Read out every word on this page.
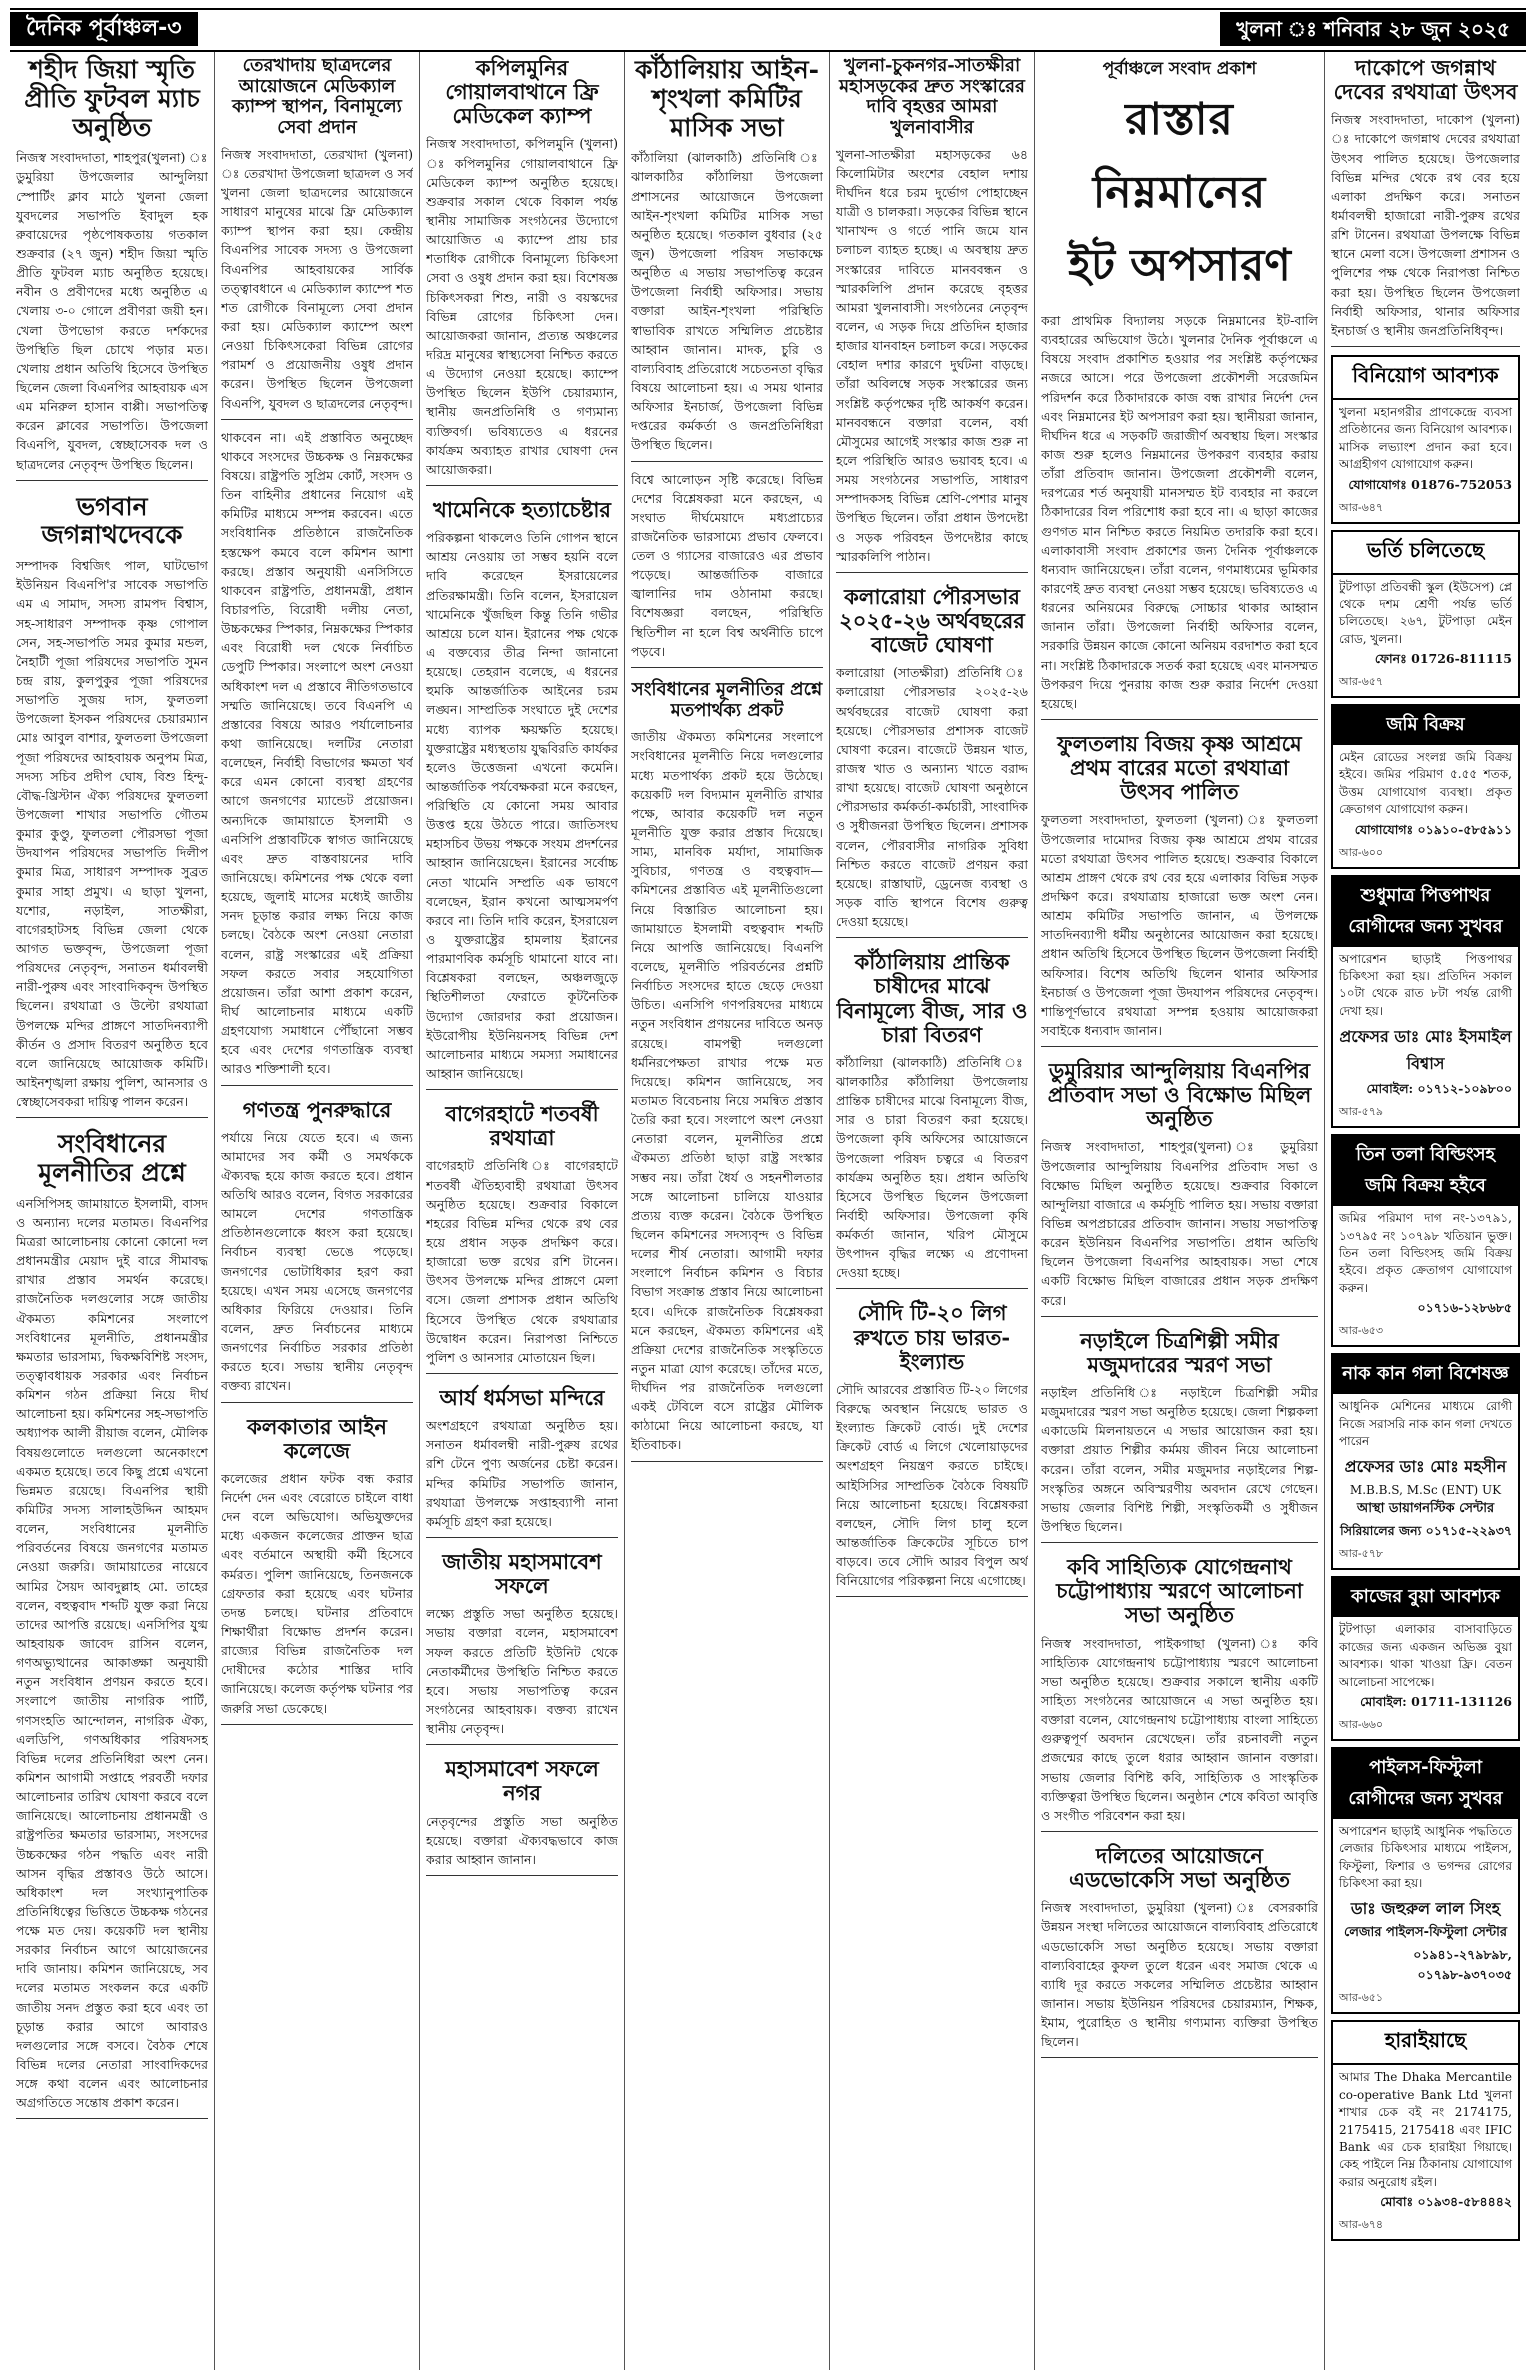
দৈনিক পূর্বাঞ্চল-৩	খুলনা ঃ শনিবার ২৮ জুন ২০২৫
শহীদ জিয়া স্মৃতি প্রীতি ফুটবল ম্যাচ অনুষ্ঠিত

নিজস্ব সংবাদদাতা, শাহপুর(খুলনা) ঃ ডুমুরিয়া উপজেলার আন্দুলিয়া স্পোর্টিং ক্লাব মাঠে খুলনা জেলা যুবদলের সভাপতি ইবাদুল হক রুবায়েদের পৃষ্ঠপোষকতায় গতকাল শুক্রবার (২৭ জুন) শহীদ জিয়া স্মৃতি প্রীতি ফুটবল ম্যাচ অনুষ্ঠিত হয়েছে। নবীন ও প্রবীণদের মধ্যে অনুষ্ঠিত এ খেলায় ৩-০ গোলে প্রবীণরা জয়ী হন। খেলা উপভোগ করতে দর্শকদের উপস্থিতি ছিল চোখে পড়ার মত। খেলায় প্রধান অতিথি হিসেবে উপস্থিত ছিলেন জেলা বিএনপির আহবায়ক এস এম মনিরুল হাসান বাপ্পী। সভাপতিত্ব করেন ক্লাবের সভাপতি। উপজেলা বিএনপি, যুবদল, স্বেচ্ছাসেবক দল ও ছাত্রদলের নেতৃবৃন্দ উপস্থিত ছিলেন।

ভগবান জগন্নাথদেবকে

সম্পাদক বিশ্বজিৎ পাল, ঘাটভোগ ইউনিয়ন বিএনপি'র সাবেক সভাপতি এম এ সামাদ, সদস্য রামপদ বিশ্বাস, সহ-সাধারণ সম্পাদক কৃষ্ণ গোপাল সেন, সহ-সভাপতি সমর কুমার মন্ডল, নৈহাটী পূজা পরিষদের সভাপতি সুমন চন্দ্র রায়, কুলপুকুর পূজা পরিষদের সভাপতি সুজয় দাস, ফুলতলা উপজেলা ইসকন পরিষদের চেয়ারম্যান মোঃ আবুল বাশার, ফুলতলা উপজেলা পূজা পরিষদের আহবায়ক অনুপম মিত্র, সদস্য সচিব প্রদীপ ঘোষ, বিশু হিন্দু-বৌদ্ধ-খ্রিস্টান ঐক্য পরিষদের ফুলতলা উপজেলা শাখার সভাপতি গৌতম কুমার কুণ্ডু, ফুলতলা পৌরসভা পূজা উদযাপন পরিষদের সভাপতি দিলীপ কুমার মিত্র, সাধারণ সম্পাদক সুব্রত কুমার সাহা প্রমুখ। এ ছাড়া খুলনা, যশোর, নড়াইল, সাতক্ষীরা, বাগেরহাটসহ বিভিন্ন জেলা থেকে আগত ভক্তবৃন্দ, উপজেলা পূজা পরিষদের নেতৃবৃন্দ, সনাতন ধর্মাবলম্বী নারী-পুরুষ এবং সাংবাদিকবৃন্দ উপস্থিত ছিলেন। রথযাত্রা ও উল্টো রথযাত্রা উপলক্ষে মন্দির প্রাঙ্গণে সাতদিনব্যাপী কীর্তন ও প্রসাদ বিতরণ অনুষ্ঠিত হবে বলে জানিয়েছে আয়োজক কমিটি। আইনশৃঙ্খলা রক্ষায় পুলিশ, আনসার ও স্বেচ্ছাসেবকরা দায়িত্ব পালন করেন।

সংবিধানের মূলনীতির প্রশ্নে

এনসিপিসহ জামায়াতে ইসলামী, বাসদ ও অন্যান্য দলের মতামত। বিএনপির মিত্ররা আলোচনায় কোনো কোনো দল প্রধানমন্ত্রীর মেয়াদ দুই বারে সীমাবদ্ধ রাখার প্রস্তাব সমর্থন করেছে। রাজনৈতিক দলগুলোর সঙ্গে জাতীয় ঐকমত্য কমিশনের সংলাপে সংবিধানের মূলনীতি, প্রধানমন্ত্রীর ক্ষমতার ভারসাম্য, দ্বিকক্ষবিশিষ্ট সংসদ, তত্ত্বাবধায়ক সরকার এবং নির্বাচন কমিশন গঠন প্রক্রিয়া নিয়ে দীর্ঘ আলোচনা হয়। কমিশনের সহ-সভাপতি অধ্যাপক আলী রীয়াজ বলেন, মৌলিক বিষয়গুলোতে দলগুলো অনেকাংশে একমত হয়েছে। তবে কিছু প্রশ্নে এখনো ভিন্নমত রয়েছে। বিএনপির স্থায়ী কমিটির সদস্য সালাহউদ্দিন আহমদ বলেন, সংবিধানের মূলনীতি পরিবর্তনের বিষয়ে জনগণের মতামত নেওয়া জরুরি। জামায়াতের নায়েবে আমির সৈয়দ আবদুল্লাহ মো. তাহের বলেন, বহুত্ববাদ শব্দটি যুক্ত করা নিয়ে তাদের আপত্তি রয়েছে। এনসিপির যুগ্ম আহবায়ক জাবেদ রাসিন বলেন, গণঅভ্যুত্থানের আকাঙ্ক্ষা অনুযায়ী নতুন সংবিধান প্রণয়ন করতে হবে। সংলাপে জাতীয় নাগরিক পার্টি, গণসংহতি আন্দোলন, নাগরিক ঐক্য, এলডিপি, গণঅধিকার পরিষদসহ বিভিন্ন দলের প্রতিনিধিরা অংশ নেন। কমিশন আগামী সপ্তাহে পরবর্তী দফার আলোচনার তারিখ ঘোষণা করবে বলে জানিয়েছে। আলোচনায় প্রধানমন্ত্রী ও রাষ্ট্রপতির ক্ষমতার ভারসাম্য, সংসদের উচ্চকক্ষের গঠন পদ্ধতি এবং নারী আসন বৃদ্ধির প্রস্তাবও উঠে আসে। অধিকাংশ দল সংখ্যানুপাতিক প্রতিনিধিত্বের ভিত্তিতে উচ্চকক্ষ গঠনের পক্ষে মত দেয়। কয়েকটি দল স্থানীয় সরকার নির্বাচন আগে আয়োজনের দাবি জানায়। কমিশন জানিয়েছে, সব দলের মতামত সংকলন করে একটি জাতীয় সনদ প্রস্তুত করা হবে এবং তা চূড়ান্ত করার আগে আবারও দলগুলোর সঙ্গে বসবে। বৈঠক শেষে বিভিন্ন দলের নেতারা সাংবাদিকদের সঙ্গে কথা বলেন এবং আলোচনার অগ্রগতিতে সন্তোষ প্রকাশ করেন।

তেরখাদায় ছাত্রদলের আয়োজনে মেডিক্যাল ক্যাম্প স্থাপন, বিনামূল্যে সেবা প্রদান

নিজস্ব সংবাদদাতা, তেরখাদা (খুলনা) ঃ তেরখাদা উপজেলা ছাত্রদল ও সর্ব খুলনা জেলা ছাত্রদলের আয়োজনে সাধারণ মানুষের মাঝে ফ্রি মেডিক্যাল ক্যাম্প স্থাপন করা হয়। কেন্দ্রীয় বিএনপির সাবেক সদস্য ও উপজেলা বিএনপির আহবায়কের সার্বিক তত্ত্বাবধানে এ মেডিক্যাল ক্যাম্পে শত শত রোগীকে বিনামূল্যে সেবা প্রদান করা হয়। মেডিক্যাল ক্যাম্পে অংশ নেওয়া চিকিৎসকেরা বিভিন্ন রোগের পরামর্শ ও প্রয়োজনীয় ওষুধ প্রদান করেন। উপস্থিত ছিলেন উপজেলা বিএনপি, যুবদল ও ছাত্রদলের নেতৃবৃন্দ।

থাকবেন না। এই প্রস্তাবিত অনুচ্ছেদ থাকবে সংসদের উচ্চকক্ষ ও নিম্নকক্ষের বিষয়ে। রাষ্ট্রপতি সুপ্রিম কোর্ট, সংসদ ও তিন বাহিনীর প্রধানের নিয়োগ এই কমিটির মাধ্যমে সম্পন্ন করবেন। এতে সংবিধানিক প্রতিষ্ঠানে রাজনৈতিক হস্তক্ষেপ কমবে বলে কমিশন আশা করছে। প্রস্তাব অনুযায়ী এনসিসিতে থাকবেন রাষ্ট্রপতি, প্রধানমন্ত্রী, প্রধান বিচারপতি, বিরোধী দলীয় নেতা, উচ্চকক্ষের স্পিকার, নিম্নকক্ষের স্পিকার এবং বিরোধী দল থেকে নির্বাচিত ডেপুটি স্পিকার। সংলাপে অংশ নেওয়া অধিকাংশ দল এ প্রস্তাবে নীতিগতভাবে সম্মতি জানিয়েছে। তবে বিএনপি এ প্রস্তাবের বিষয়ে আরও পর্যালোচনার কথা জানিয়েছে। দলটির নেতারা বলেছেন, নির্বাহী বিভাগের ক্ষমতা খর্ব করে এমন কোনো ব্যবস্থা গ্রহণের আগে জনগণের ম্যান্ডেট প্রয়োজন। অন্যদিকে জামায়াতে ইসলামী ও এনসিপি প্রস্তাবটিকে স্বাগত জানিয়েছে এবং দ্রুত বাস্তবায়নের দাবি জানিয়েছে। কমিশনের পক্ষ থেকে বলা হয়েছে, জুলাই মাসের মধ্যেই জাতীয় সনদ চূড়ান্ত করার লক্ষ্য নিয়ে কাজ চলছে। বৈঠকে অংশ নেওয়া নেতারা বলেন, রাষ্ট্র সংস্কারের এই প্রক্রিয়া সফল করতে সবার সহযোগিতা প্রয়োজন। তাঁরা আশা প্রকাশ করেন, দীর্ঘ আলোচনার মাধ্যমে একটি গ্রহণযোগ্য সমাধানে পৌঁছানো সম্ভব হবে এবং দেশের গণতান্ত্রিক ব্যবস্থা আরও শক্তিশালী হবে।

গণতন্ত্র পুনরুদ্ধারে

পর্যায়ে নিয়ে যেতে হবে। এ জন্য আমাদের সব কর্মী ও সমর্থককে ঐক্যবদ্ধ হয়ে কাজ করতে হবে। প্রধান অতিথি আরও বলেন, বিগত সরকারের আমলে দেশের গণতান্ত্রিক প্রতিষ্ঠানগুলোকে ধ্বংস করা হয়েছে। নির্বাচন ব্যবস্থা ভেঙে পড়েছে। জনগণের ভোটাধিকার হরণ করা হয়েছে। এখন সময় এসেছে জনগণের অধিকার ফিরিয়ে দেওয়ার। তিনি বলেন, দ্রুত নির্বাচনের মাধ্যমে জনগণের নির্বাচিত সরকার প্রতিষ্ঠা করতে হবে। সভায় স্থানীয় নেতৃবৃন্দ বক্তব্য রাখেন।

কলকাতার আইন কলেজে

কলেজের প্রধান ফটক বন্ধ করার নির্দেশ দেন এবং বেরোতে চাইলে বাধা দেন বলে অভিযোগ। অভিযুক্তদের মধ্যে একজন কলেজের প্রাক্তন ছাত্র এবং বর্তমানে অস্থায়ী কর্মী হিসেবে কর্মরত। পুলিশ জানিয়েছে, তিনজনকে গ্রেফতার করা হয়েছে এবং ঘটনার তদন্ত চলছে। ঘটনার প্রতিবাদে শিক্ষার্থীরা বিক্ষোভ প্রদর্শন করেন। রাজ্যের বিভিন্ন রাজনৈতিক দল দোষীদের কঠোর শাস্তির দাবি জানিয়েছে। কলেজ কর্তৃপক্ষ ঘটনার পর জরুরি সভা ডেকেছে।

কপিলমুনির গোয়ালবাথানে ফ্রি মেডিকেল ক্যাম্প

নিজস্ব সংবাদদাতা, কপিলমুনি (খুলনা) ঃ কপিলমুনির গোয়ালবাথানে ফ্রি মেডিকেল ক্যাম্প অনুষ্ঠিত হয়েছে। শুক্রবার সকাল থেকে বিকাল পর্যন্ত স্থানীয় সামাজিক সংগঠনের উদ্যোগে আয়োজিত এ ক্যাম্পে প্রায় চার শতাধিক রোগীকে বিনামূল্যে চিকিৎসা সেবা ও ওষুধ প্রদান করা হয়। বিশেষজ্ঞ চিকিৎসকরা শিশু, নারী ও বয়স্কদের বিভিন্ন রোগের চিকিৎসা দেন। আয়োজকরা জানান, প্রত্যন্ত অঞ্চলের দরিদ্র মানুষের স্বাস্থ্যসেবা নিশ্চিত করতে এ উদ্যোগ নেওয়া হয়েছে। ক্যাম্পে উপস্থিত ছিলেন ইউপি চেয়ারম্যান, স্থানীয় জনপ্রতিনিধি ও গণ্যমান্য ব্যক্তিবর্গ। ভবিষ্যতেও এ ধরনের কার্যক্রম অব্যাহত রাখার ঘোষণা দেন আয়োজকরা।

খামেনিকে হত্যাচেষ্টার

পরিকল্পনা থাকলেও তিনি গোপন স্থানে আশ্রয় নেওয়ায় তা সম্ভব হয়নি বলে দাবি করেছেন ইসরায়েলের প্রতিরক্ষামন্ত্রী। তিনি বলেন, ইসরায়েল খামেনিকে খুঁজছিল কিন্তু তিনি গভীর আশ্রয়ে চলে যান। ইরানের পক্ষ থেকে এ বক্তব্যের তীব্র নিন্দা জানানো হয়েছে। তেহরান বলেছে, এ ধরনের হুমকি আন্তর্জাতিক আইনের চরম লঙ্ঘন। সাম্প্রতিক সংঘাতে দুই দেশের মধ্যে ব্যাপক ক্ষয়ক্ষতি হয়েছে। যুক্তরাষ্ট্রের মধ্যস্থতায় যুদ্ধবিরতি কার্যকর হলেও উত্তেজনা এখনো কমেনি। আন্তর্জাতিক পর্যবেক্ষকরা মনে করছেন, পরিস্থিতি যে কোনো সময় আবার উত্তপ্ত হয়ে উঠতে পারে। জাতিসংঘ মহাসচিব উভয় পক্ষকে সংযম প্রদর্শনের আহ্বান জানিয়েছেন। ইরানের সর্বোচ্চ নেতা খামেনি সম্প্রতি এক ভাষণে বলেছেন, ইরান কখনো আত্মসমর্পণ করবে না। তিনি দাবি করেন, ইসরায়েল ও যুক্তরাষ্ট্রের হামলায় ইরানের পারমাণবিক কর্মসূচি থামানো যাবে না। বিশ্লেষকরা বলছেন, অঞ্চলজুড়ে স্থিতিশীলতা ফেরাতে কূটনৈতিক উদ্যোগ জোরদার করা প্রয়োজন। ইউরোপীয় ইউনিয়নসহ বিভিন্ন দেশ আলোচনার মাধ্যমে সমস্যা সমাধানের আহ্বান জানিয়েছে।

বাগেরহাটে শতবর্ষী রথযাত্রা

বাগেরহাট প্রতিনিধি ঃ বাগেরহাটে শতবর্ষী ঐতিহ্যবাহী রথযাত্রা উৎসব অনুষ্ঠিত হয়েছে। শুক্রবার বিকালে শহরের বিভিন্ন মন্দির থেকে রথ বের হয়ে প্রধান সড়ক প্রদক্ষিণ করে। হাজারো ভক্ত রথের রশি টানেন। উৎসব উপলক্ষে মন্দির প্রাঙ্গণে মেলা বসে। জেলা প্রশাসক প্রধান অতিথি হিসেবে উপস্থিত থেকে রথযাত্রার উদ্বোধন করেন। নিরাপত্তা নিশ্চিতে পুলিশ ও আনসার মোতায়েন ছিল।

আর্য ধর্মসভা মন্দিরে

অংশগ্রহণে রথযাত্রা অনুষ্ঠিত হয়। সনাতন ধর্মাবলম্বী নারী-পুরুষ রথের রশি টেনে পুণ্য অর্জনের চেষ্টা করেন। মন্দির কমিটির সভাপতি জানান, রথযাত্রা উপলক্ষে সপ্তাহব্যাপী নানা কর্মসূচি গ্রহণ করা হয়েছে।

জাতীয় মহাসমাবেশ সফলে

লক্ষ্যে প্রস্তুতি সভা অনুষ্ঠিত হয়েছে। সভায় বক্তারা বলেন, মহাসমাবেশ সফল করতে প্রতিটি ইউনিট থেকে নেতাকর্মীদের উপস্থিতি নিশ্চিত করতে হবে। সভায় সভাপতিত্ব করেন সংগঠনের আহবায়ক। বক্তব্য রাখেন স্থানীয় নেতৃবৃন্দ।

মহাসমাবেশ সফলে নগর

নেতৃবৃন্দের প্রস্তুতি সভা অনুষ্ঠিত হয়েছে। বক্তারা ঐক্যবদ্ধভাবে কাজ করার আহ্বান জানান।

কাঁঠালিয়ায় আইন-শৃংখলা কমিটির মাসিক সভা

কাঁঠালিয়া (ঝালকাঠি) প্রতিনিধি ঃ ঝালকাঠির কাঁঠালিয়া উপজেলা প্রশাসনের আয়োজনে উপজেলা আইন-শৃংখলা কমিটির মাসিক সভা অনুষ্ঠিত হয়েছে। গতকাল বুধবার (২৫ জুন) উপজেলা পরিষদ সভাকক্ষে অনুষ্ঠিত এ সভায় সভাপতিত্ব করেন উপজেলা নির্বাহী অফিসার। সভায় বক্তারা আইন-শৃংখলা পরিস্থিতি স্বাভাবিক রাখতে সম্মিলিত প্রচেষ্টার আহ্বান জানান। মাদক, চুরি ও বাল্যবিবাহ প্রতিরোধে সচেতনতা বৃদ্ধির বিষয়ে আলোচনা হয়। এ সময় থানার অফিসার ইনচার্জ, উপজেলা বিভিন্ন দপ্তরের কর্মকর্তা ও জনপ্রতিনিধিরা উপস্থিত ছিলেন।

বিশ্বে আলোড়ন সৃষ্টি করেছে। বিভিন্ন দেশের বিশ্লেষকরা মনে করছেন, এ সংঘাত দীর্ঘমেয়াদে মধ্যপ্রাচ্যের রাজনৈতিক ভারসাম্যে প্রভাব ফেলবে। তেল ও গ্যাসের বাজারেও এর প্রভাব পড়েছে। আন্তর্জাতিক বাজারে জ্বালানির দাম ওঠানামা করছে। বিশেষজ্ঞরা বলছেন, পরিস্থিতি স্থিতিশীল না হলে বিশ্ব অর্থনীতি চাপে পড়বে।

সংবিধানের মূলনীতির প্রশ্নে মতপার্থক্য প্রকট

জাতীয় ঐকমত্য কমিশনের সংলাপে সংবিধানের মূলনীতি নিয়ে দলগুলোর মধ্যে মতপার্থক্য প্রকট হয়ে উঠেছে। কয়েকটি দল বিদ্যমান মূলনীতি রাখার পক্ষে, আবার কয়েকটি দল নতুন মূলনীতি যুক্ত করার প্রস্তাব দিয়েছে। সাম্য, মানবিক মর্যাদা, সামাজিক সুবিচার, গণতন্ত্র ও বহুত্ববাদ—কমিশনের প্রস্তাবিত এই মূলনীতিগুলো নিয়ে বিস্তারিত আলোচনা হয়। জামায়াতে ইসলামী বহুত্ববাদ শব্দটি নিয়ে আপত্তি জানিয়েছে। বিএনপি বলেছে, মূলনীতি পরিবর্তনের প্রশ্নটি নির্বাচিত সংসদের হাতে ছেড়ে দেওয়া উচিত। এনসিপি গণপরিষদের মাধ্যমে নতুন সংবিধান প্রণয়নের দাবিতে অনড় রয়েছে। বামপন্থী দলগুলো ধর্মনিরপেক্ষতা রাখার পক্ষে মত দিয়েছে। কমিশন জানিয়েছে, সব মতামত বিবেচনায় নিয়ে সমন্বিত প্রস্তাব তৈরি করা হবে। সংলাপে অংশ নেওয়া নেতারা বলেন, মূলনীতির প্রশ্নে ঐকমত্য প্রতিষ্ঠা ছাড়া রাষ্ট্র সংস্কার সম্ভব নয়। তাঁরা ধৈর্য ও সহনশীলতার সঙ্গে আলোচনা চালিয়ে যাওয়ার প্রত্যয় ব্যক্ত করেন। বৈঠকে উপস্থিত ছিলেন কমিশনের সদস্যবৃন্দ ও বিভিন্ন দলের শীর্ষ নেতারা। আগামী দফার সংলাপে নির্বাচন কমিশন ও বিচার বিভাগ সংক্রান্ত প্রস্তাব নিয়ে আলোচনা হবে। এদিকে রাজনৈতিক বিশ্লেষকরা মনে করছেন, ঐকমত্য কমিশনের এই প্রক্রিয়া দেশের রাজনৈতিক সংস্কৃতিতে নতুন মাত্রা যোগ করেছে। তাঁদের মতে, দীর্ঘদিন পর রাজনৈতিক দলগুলো একই টেবিলে বসে রাষ্ট্রের মৌলিক কাঠামো নিয়ে আলোচনা করছে, যা ইতিবাচক।

খুলনা-চুকনগর-সাতক্ষীরা মহাসড়কের দ্রুত সংস্কারের দাবি বৃহত্তর আমরা খুলনাবাসীর

খুলনা-সাতক্ষীরা মহাসড়কের ৬৪ কিলোমিটার অংশের বেহাল দশায় দীর্ঘদিন ধরে চরম দুর্ভোগ পোহাচ্ছেন যাত্রী ও চালকরা। সড়কের বিভিন্ন স্থানে খানাখন্দ ও গর্তে পানি জমে যান চলাচল ব্যাহত হচ্ছে। এ অবস্থায় দ্রুত সংস্কারের দাবিতে মানববন্ধন ও স্মারকলিপি প্রদান করেছে বৃহত্তর আমরা খুলনাবাসী। সংগঠনের নেতৃবৃন্দ বলেন, এ সড়ক দিয়ে প্রতিদিন হাজার হাজার যানবাহন চলাচল করে। সড়কের বেহাল দশার কারণে দুর্ঘটনা বাড়ছে। তাঁরা অবিলম্বে সড়ক সংস্কারের জন্য সংশ্লিষ্ট কর্তৃপক্ষের দৃষ্টি আকর্ষণ করেন। মানববন্ধনে বক্তারা বলেন, বর্ষা মৌসুমের আগেই সংস্কার কাজ শুরু না হলে পরিস্থিতি আরও ভয়াবহ হবে। এ সময় সংগঠনের সভাপতি, সাধারণ সম্পাদকসহ বিভিন্ন শ্রেণি-পেশার মানুষ উপস্থিত ছিলেন। তাঁরা প্রধান উপদেষ্টা ও সড়ক পরিবহন উপদেষ্টার কাছে স্মারকলিপি পাঠান।

কলারোয়া পৌরসভার ২০২৫-২৬ অর্থবছরের বাজেট ঘোষণা

কলারোয়া (সাতক্ষীরা) প্রতিনিধি ঃ কলারোয়া পৌরসভার ২০২৫-২৬ অর্থবছরের বাজেট ঘোষণা করা হয়েছে। পৌরসভার প্রশাসক বাজেট ঘোষণা করেন। বাজেটে উন্নয়ন খাত, রাজস্ব খাত ও অন্যান্য খাতে বরাদ্দ রাখা হয়েছে। বাজেট ঘোষণা অনুষ্ঠানে পৌরসভার কর্মকর্তা-কর্মচারী, সাংবাদিক ও সুধীজনরা উপস্থিত ছিলেন। প্রশাসক বলেন, পৌরবাসীর নাগরিক সুবিধা নিশ্চিত করতে বাজেট প্রণয়ন করা হয়েছে। রাস্তাঘাট, ড্রেনেজ ব্যবস্থা ও সড়ক বাতি স্থাপনে বিশেষ গুরুত্ব দেওয়া হয়েছে।

কাঁঠালিয়ায় প্রান্তিক চাষীদের মাঝে বিনামূল্যে বীজ, সার ও চারা বিতরণ

কাঁঠালিয়া (ঝালকাঠি) প্রতিনিধি ঃ ঝালকাঠির কাঁঠালিয়া উপজেলায় প্রান্তিক চাষীদের মাঝে বিনামূল্যে বীজ, সার ও চারা বিতরণ করা হয়েছে। উপজেলা কৃষি অফিসের আয়োজনে উপজেলা পরিষদ চত্বরে এ বিতরণ কার্যক্রম অনুষ্ঠিত হয়। প্রধান অতিথি হিসেবে উপস্থিত ছিলেন উপজেলা নির্বাহী অফিসার। উপজেলা কৃষি কর্মকর্তা জানান, খরিপ মৌসুমে উৎপাদন বৃদ্ধির লক্ষ্যে এ প্রণোদনা দেওয়া হচ্ছে।

সৌদি টি-২০ লিগ রুখতে চায় ভারত-ইংল্যান্ড

সৌদি আরবের প্রস্তাবিত টি-২০ লিগের বিরুদ্ধে অবস্থান নিয়েছে ভারত ও ইংল্যান্ড ক্রিকেট বোর্ড। দুই দেশের ক্রিকেট বোর্ড এ লিগে খেলোয়াড়দের অংশগ্রহণ নিয়ন্ত্রণ করতে চাইছে। আইসিসির সাম্প্রতিক বৈঠকে বিষয়টি নিয়ে আলোচনা হয়েছে। বিশ্লেষকরা বলছেন, সৌদি লিগ চালু হলে আন্তর্জাতিক ক্রিকেটের সূচিতে চাপ বাড়বে। তবে সৌদি আরব বিপুল অর্থ বিনিয়োগের পরিকল্পনা নিয়ে এগোচ্ছে।

পূর্বাঞ্চলে সংবাদ প্রকাশ
রাস্তার নিম্নমানের
ইট অপসারণ

করা প্রাথমিক বিদ্যালয় সড়কে নিম্নমানের ইট-বালি ব্যবহারের অভিযোগ উঠে। খুলনার দৈনিক পূর্বাঞ্চলে এ বিষয়ে সংবাদ প্রকাশিত হওয়ার পর সংশ্লিষ্ট কর্তৃপক্ষের নজরে আসে। পরে উপজেলা প্রকৌশলী সরেজমিন পরিদর্শন করে ঠিকাদারকে কাজ বন্ধ রাখার নির্দেশ দেন এবং নিম্নমানের ইট অপসারণ করা হয়। স্থানীয়রা জানান, দীর্ঘদিন ধরে এ সড়কটি জরাজীর্ণ অবস্থায় ছিল। সংস্কার কাজ শুরু হলেও নিম্নমানের উপকরণ ব্যবহার করায় তাঁরা প্রতিবাদ জানান। উপজেলা প্রকৌশলী বলেন, দরপত্রের শর্ত অনুযায়ী মানসম্মত ইট ব্যবহার না করলে ঠিকাদারের বিল পরিশোধ করা হবে না। এ ছাড়া কাজের গুণগত মান নিশ্চিত করতে নিয়মিত তদারকি করা হবে। এলাকাবাসী সংবাদ প্রকাশের জন্য দৈনিক পূর্বাঞ্চলকে ধন্যবাদ জানিয়েছেন। তাঁরা বলেন, গণমাধ্যমের ভূমিকার কারণেই দ্রুত ব্যবস্থা নেওয়া সম্ভব হয়েছে। ভবিষ্যতেও এ ধরনের অনিয়মের বিরুদ্ধে সোচ্চার থাকার আহ্বান জানান তাঁরা। উপজেলা নির্বাহী অফিসার বলেন, সরকারি উন্নয়ন কাজে কোনো অনিয়ম বরদাশত করা হবে না। সংশ্লিষ্ট ঠিকাদারকে সতর্ক করা হয়েছে এবং মানসম্মত উপকরণ দিয়ে পুনরায় কাজ শুরু করার নির্দেশ দেওয়া হয়েছে।

ফুলতলায় বিজয় কৃষ্ণ আশ্রমে প্রথম বারের মতো রথযাত্রা উৎসব পালিত

ফুলতলা সংবাদদাতা, ফুলতলা (খুলনা) ঃ ফুলতলা উপজেলার দামোদর বিজয় কৃষ্ণ আশ্রমে প্রথম বারের মতো রথযাত্রা উৎসব পালিত হয়েছে। শুক্রবার বিকালে আশ্রম প্রাঙ্গণ থেকে রথ বের হয়ে এলাকার বিভিন্ন সড়ক প্রদক্ষিণ করে। রথযাত্রায় হাজারো ভক্ত অংশ নেন। আশ্রম কমিটির সভাপতি জানান, এ উপলক্ষে সাতদিনব্যাপী ধর্মীয় অনুষ্ঠানের আয়োজন করা হয়েছে। প্রধান অতিথি হিসেবে উপস্থিত ছিলেন উপজেলা নির্বাহী অফিসার। বিশেষ অতিথি ছিলেন থানার অফিসার ইনচার্জ ও উপজেলা পূজা উদযাপন পরিষদের নেতৃবৃন্দ। শান্তিপূর্ণভাবে রথযাত্রা সম্পন্ন হওয়ায় আয়োজকরা সবাইকে ধন্যবাদ জানান।

ডুমুরিয়ার আন্দুলিয়ায় বিএনপির প্রতিবাদ সভা ও বিক্ষোভ মিছিল অনুষ্ঠিত

নিজস্ব সংবাদদাতা, শাহপুর(খুলনা) ঃ ডুমুরিয়া উপজেলার আন্দুলিয়ায় বিএনপির প্রতিবাদ সভা ও বিক্ষোভ মিছিল অনুষ্ঠিত হয়েছে। শুক্রবার বিকালে আন্দুলিয়া বাজারে এ কর্মসূচি পালিত হয়। সভায় বক্তারা বিভিন্ন অপপ্রচারের প্রতিবাদ জানান। সভায় সভাপতিত্ব করেন ইউনিয়ন বিএনপির সভাপতি। প্রধান অতিথি ছিলেন উপজেলা বিএনপির আহবায়ক। সভা শেষে একটি বিক্ষোভ মিছিল বাজারের প্রধান সড়ক প্রদক্ষিণ করে।

নড়াইলে চিত্রশিল্পী সমীর মজুমদারের স্মরণ সভা

নড়াইল প্রতিনিধি ঃ নড়াইলে চিত্রশিল্পী সমীর মজুমদারের স্মরণ সভা অনুষ্ঠিত হয়েছে। জেলা শিল্পকলা একাডেমি মিলনায়তনে এ সভার আয়োজন করা হয়। বক্তারা প্রয়াত শিল্পীর কর্মময় জীবন নিয়ে আলোচনা করেন। তাঁরা বলেন, সমীর মজুমদার নড়াইলের শিল্প-সংস্কৃতির অঙ্গনে অবিস্মরণীয় অবদান রেখে গেছেন। সভায় জেলার বিশিষ্ট শিল্পী, সংস্কৃতিকর্মী ও সুধীজন উপস্থিত ছিলেন।

কবি সাহিত্যিক যোগেন্দ্রনাথ চট্টোপাধ্যায় স্মরণে আলোচনা সভা অনুষ্ঠিত

নিজস্ব সংবাদদাতা, পাইকগাছা (খুলনা) ঃ কবি সাহিত্যিক যোগেন্দ্রনাথ চট্টোপাধ্যায় স্মরণে আলোচনা সভা অনুষ্ঠিত হয়েছে। শুক্রবার সকালে স্থানীয় একটি সাহিত্য সংগঠনের আয়োজনে এ সভা অনুষ্ঠিত হয়। বক্তারা বলেন, যোগেন্দ্রনাথ চট্টোপাধ্যায় বাংলা সাহিত্যে গুরুত্বপূর্ণ অবদান রেখেছেন। তাঁর রচনাবলী নতুন প্রজন্মের কাছে তুলে ধরার আহ্বান জানান বক্তারা। সভায় জেলার বিশিষ্ট কবি, সাহিত্যিক ও সাংস্কৃতিক ব্যক্তিত্বরা উপস্থিত ছিলেন। অনুষ্ঠান শেষে কবিতা আবৃত্তি ও সংগীত পরিবেশন করা হয়।

দলিতের আয়োজনে এডভোকেসি সভা অনুষ্ঠিত

নিজস্ব সংবাদদাতা, ডুমুরিয়া (খুলনা) ঃ বেসরকারি উন্নয়ন সংস্থা দলিতের আয়োজনে বাল্যবিবাহ প্রতিরোধে এডভোকেসি সভা অনুষ্ঠিত হয়েছে। সভায় বক্তারা বাল্যবিবাহের কুফল তুলে ধরেন এবং সমাজ থেকে এ ব্যাধি দূর করতে সকলের সম্মিলিত প্রচেষ্টার আহ্বান জানান। সভায় ইউনিয়ন পরিষদের চেয়ারম্যান, শিক্ষক, ইমাম, পুরোহিত ও স্থানীয় গণ্যমান্য ব্যক্তিরা উপস্থিত ছিলেন।

দাকোপে জগন্নাথ দেবের রথযাত্রা উৎসব

নিজস্ব সংবাদদাতা, দাকোপ (খুলনা) ঃ দাকোপে জগন্নাথ দেবের রথযাত্রা উৎসব পালিত হয়েছে। উপজেলার বিভিন্ন মন্দির থেকে রথ বের হয়ে এলাকা প্রদক্ষিণ করে। সনাতন ধর্মাবলম্বী হাজারো নারী-পুরুষ রথের রশি টানেন। রথযাত্রা উপলক্ষে বিভিন্ন স্থানে মেলা বসে। উপজেলা প্রশাসন ও পুলিশের পক্ষ থেকে নিরাপত্তা নিশ্চিত করা হয়। উপস্থিত ছিলেন উপজেলা নির্বাহী অফিসার, থানার অফিসার ইনচার্জ ও স্থানীয় জনপ্রতিনিধিবৃন্দ।

বিনিয়োগ আবশ্যক

খুলনা মহানগরীর প্রাণকেন্দ্রে ব্যবসা প্রতিষ্ঠানের জন্য বিনিয়োগ আবশ্যক। মাসিক লভ্যাংশ প্রদান করা হবে। আগ্রহীগণ যোগাযোগ করুন।

যোগাযোগঃ 01876-752053
আর-৬৪৭
ভর্তি চলিতেছে

টুটপাড়া প্রতিবন্ধী স্কুল (ইউসেপ) প্লে থেকে দশম শ্রেণী পর্যন্ত ভর্তি চলিতেছে। ২৬৭, টুটপাড়া মেইন রোড, খুলনা।

ফোনঃ 01726-811115
আর-৬৫৭
জমি বিক্রয়

মেইন রোডের সংলগ্ন জমি বিক্রয় হইবে। জমির পরিমাণ ৫.৫৫ শতক, উত্তম যোগাযোগ ব্যবস্থা। প্রকৃত ক্রেতাগণ যোগাযোগ করুন।

যোগাযোগঃ ০১৯১০-৫৮৫৯১১
আর-৬০০
শুধুমাত্র পিত্তপাথর রোগীদের জন্য সুখবর

অপারেশন ছাড়াই পিত্তপাথর চিকিৎসা করা হয়। প্রতিদিন সকাল ১০টা থেকে রাত ৮টা পর্যন্ত রোগী দেখা হয়।

প্রফেসর ডাঃ মোঃ ইসমাইল বিশ্বাস
মোবাইল: ০১৭১২-১০৯৮০০
আর-৫৭৯
তিন তলা বিল্ডিংসহ জমি বিক্রয় হইবে

জমির পরিমাণ দাগ নং-১৩৭৯১, ১৩৭৯৫ নং ১০৭৯৮ খতিয়ান ভুক্ত। তিন তলা বিল্ডিংসহ জমি বিক্রয় হইবে। প্রকৃত ক্রেতাগণ যোগাযোগ করুন।

০১৭১৬-১২৮৬৮৫
আর-৬৫৩
নাক কান গলা বিশেষজ্ঞ

আধুনিক মেশিনের মাধ্যমে রোগী নিজে সরাসরি নাক কান গলা দেখতে পারেন

প্রফেসর ডাঃ মোঃ মহসীন
M.B.B.S, M.Sc (ENT) UK
আস্থা ডায়াগনস্টিক সেন্টার
সিরিয়ালের জন্য ০১৭১৫-২২৯৩৭
আর-৫৭৮
কাজের বুয়া আবশ্যক

টুটপাড়া এলাকার বাসাবাড়িতে কাজের জন্য একজন অভিজ্ঞ বুয়া আবশ্যক। থাকা খাওয়া ফ্রি। বেতন আলোচনা সাপেক্ষে।

মোবাইল: 01711-131126
আর-৬৬০
পাইলস-ফিস্টুলা রোগীদের জন্য সুখবর

অপারেশন ছাড়াই আধুনিক পদ্ধতিতে লেজার চিকিৎসার মাধ্যমে পাইলস, ফিস্টুলা, ফিশার ও ভগন্দর রোগের চিকিৎসা করা হয়।

ডাঃ জহুরুল লাল সিংহ
লেজার পাইলস-ফিস্টুলা সেন্টার
০১৯৪১-২৭৯৮৯৮, ০১৭৯৮-৯৩৭০৩৫
আর-৬৫১
হারাইয়াছে

আমার The Dhaka Mercantile co-operative Bank Ltd খুলনা শাখার চেক বই নং 2174175, 2175415, 2175418 এবং IFIC Bank এর চেক হারাইয়া গিয়াছে। কেহ পাইলে নিম্ন ঠিকানায় যোগাযোগ করার অনুরোধ রইল।

মোবাঃ ০১৯৩৪-৫৮৪৪৪২
আর-৬৭৪
